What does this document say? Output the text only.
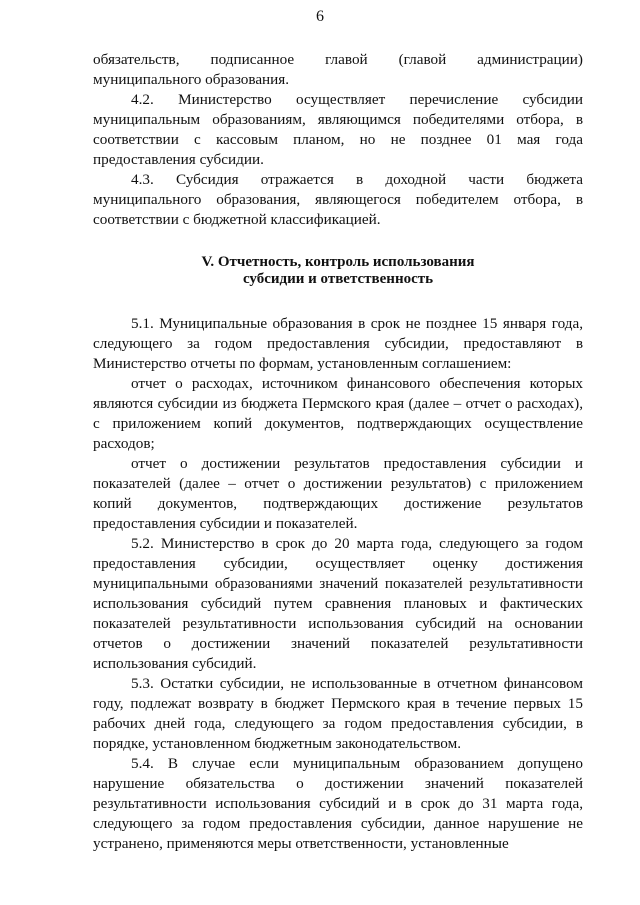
6

обязательств, подписанное главой (главой администрации) муниципального образования.

4.2. Министерство осуществляет перечисление субсидии муниципальным образованиям, являющимся победителями отбора, в соответствии с кассовым планом, но не позднее 01 мая года предоставления субсидии.

4.3. Субсидия отражается в доходной части бюджета муниципального образования, являющегося победителем отбора, в соответствии с бюджетной классификацией.

V. Отчетность, контроль использования
субсидии и ответственность

5.1. Муниципальные образования в срок не позднее 15 января года, следующего за годом предоставления субсидии, предоставляют в Министерство отчеты по формам, установленным соглашением:

отчет о расходах, источником финансового обеспечения которых являются субсидии из бюджета Пермского края (далее – отчет о расходах), с приложением копий документов, подтверждающих осуществление расходов;

отчет о достижении результатов предоставления субсидии и показателей (далее – отчет о достижении результатов) с приложением копий документов, подтверждающих достижение результатов предоставления субсидии и показателей.

5.2. Министерство в срок до 20 марта года, следующего за годом предоставления субсидии, осуществляет оценку достижения муниципальными образованиями значений показателей результативности использования субсидий путем сравнения плановых и фактических показателей результативности использования субсидий на основании отчетов о достижении значений показателей результативности использования субсидий.

5.3. Остатки субсидии, не использованные в отчетном финансовом году, подлежат возврату в бюджет Пермского края в течение первых 15 рабочих дней года, следующего за годом предоставления субсидии, в порядке, установленном бюджетным законодательством.

5.4. В случае если муниципальным образованием допущено нарушение обязательства о достижении значений показателей результативности использования субсидий и в срок до 31 марта года, следующего за годом предоставления субсидии, данное нарушение не устранено, применяются меры ответственности, установленные
